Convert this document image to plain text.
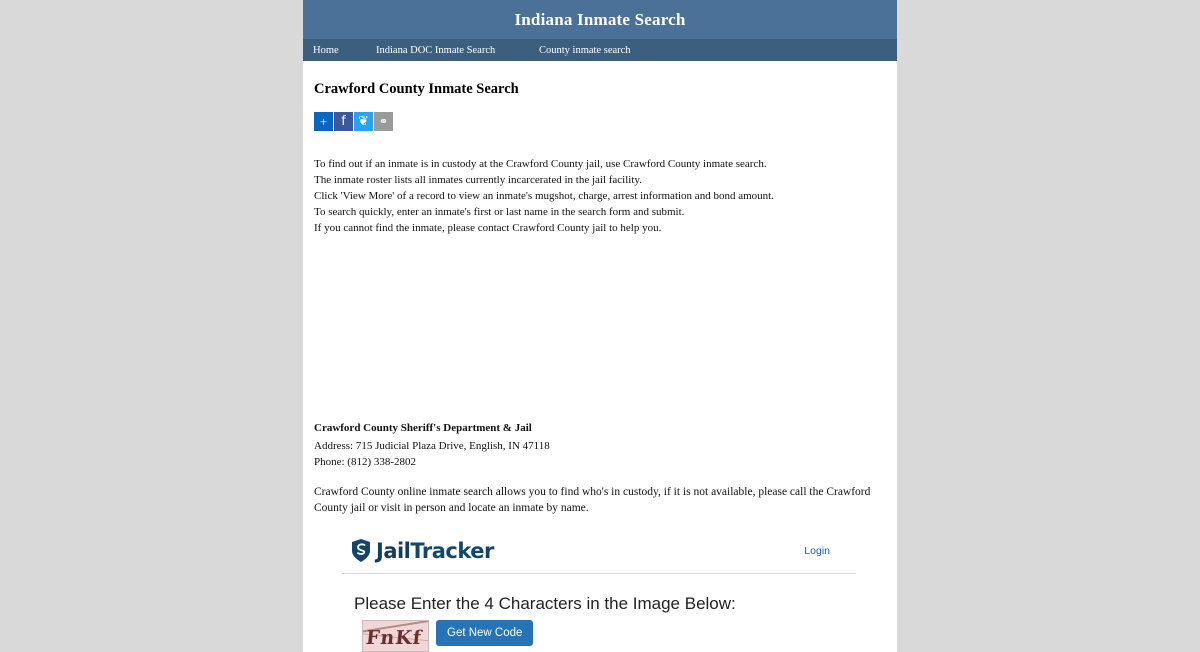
Indiana Inmate Search
Home	Indiana DOC Inmate Search	County inmate search
Crawford County Inmate Search
+	f ❦ ⚭

To find out if an inmate is in custody at the Crawford County jail, use Crawford County inmate search.

The inmate roster lists all inmates currently incarcerated in the jail facility.

Click 'View More' of a record to view an inmate's mugshot, charge, arrest information and bond amount.

To search quickly, enter an inmate's first or last name in the search form and submit.

If you cannot find the inmate, please contact Crawford County jail to help you.

Crawford County Sheriff's Department & Jail

Address: 715 Judicial Plaza Drive, English, IN 47118

Phone: (812) 338-2802

Crawford County online inmate search allows you to find who's in custody, if it is not available, please call the Crawford County jail or visit in person and locate an inmate by name.

JailTracker	Login
Please Enter the 4 Characters in the Image Below:
FnKf	Get New Code
